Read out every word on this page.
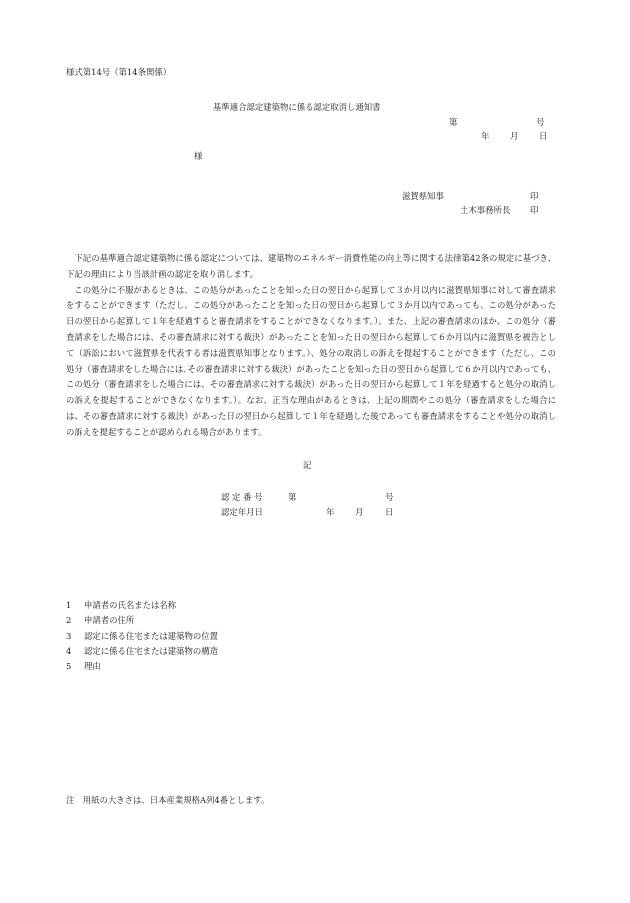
様式第14号（第14条関係）
基準適合認定建築物に係る認定取消し通知書
第	号
年 月 日
様
滋賀県知事	印
土木事務所長 印

下記の基準適合認定建築物に係る認定については、建築物のエネルギー消費性能の向上等に関する法律第42条の規定に基づき、下記の理由により当該計画の認定を取り消します。

この処分に不服があるときは、この処分があったことを知った日の翌日から起算して３か月以内に滋賀県知事に対して審査請求をすることができます（ただし、この処分があったことを知った日の翌日から起算して３か月以内であっても、この処分があった日の翌日から起算して１年を経過すると審査請求をすることができなくなります。）。また、上記の審査請求のほか、この処分（審査請求をした場合には、その審査請求に対する裁決）があったことを知った日の翌日から起算して６か月以内に滋賀県を被告として（訴訟において滋賀県を代表する者は滋賀県知事となります。）、処分の取消しの訴えを提起することができます（ただし、この処分（審査請求をした場合には､その審査請求に対する裁決）があったことを知った日の翌日から起算して６か月以内であっても、この処分（審査請求をした場合には、その審査請求に対する裁決）があった日の翌日から起算して１年を経過すると処分の取消しの訴えを提起することができなくなります。）。なお、正当な理由があるときは、上記の期間やこの処分（審査請求をした場合には、その審査請求に対する裁決）があった日の翌日から起算して１年を経過した後であっても審査請求をすることや処分の取消しの訴えを提起することが認められる場合があります。

記
認 定 番 号	第	号
認定年月日	年 月	日
1 申請者の氏名または名称
2 申請者の住所
3 認定に係る住宅または建築物の位置
4 認定に係る住宅または建築物の構造
5 理由
注　用紙の大きさは、日本産業規格A列4番とします。
